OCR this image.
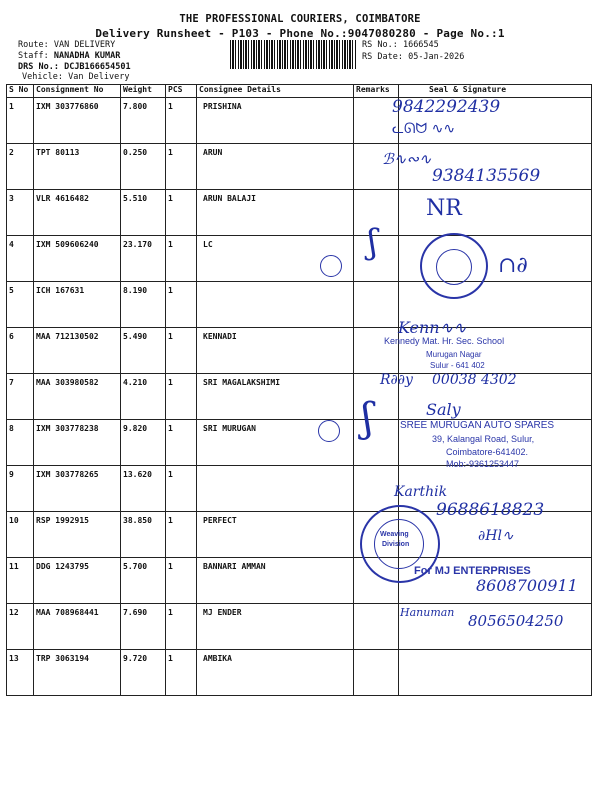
THE PROFESSIONAL COURIERS, COIMBATORE
Delivery Runsheet - P103 - Phone No.:9047080280 - Page No.:1
Route: VAN DELIVERY
Staff: NANADHA KUMAR
DRS No.: DCJB166654501
Vehicle: Van Delivery
RS No.: 1666545
RS Date: 05-Jan-2026
S No	Consignment No	Weight	PCS	Consignee Details	Remarks	Seal & Signature
1	IXM 303776860	7.800	1	PRISHINA		
2	TPT 80113	0.250	1	ARUN		
3	VLR 4616482	5.510	1	ARUN BALAJI		
4	IXM 509606240	23.170	1	LC		
5	ICH 167631	8.190	1			
6	MAA 712130502	5.490	1	KENNADI		
7	MAA 303980582	4.210	1	SRI MAGALAKSHIMI		
8	IXM 303778238	9.820	1	SRI MURUGAN		
9	IXM 303778265	13.620	1			
10	RSP 1992915	38.850	1	PERFECT		
11	DDG 1243795	5.700	1	BANNARI AMMAN		
12	MAA 708968441	7.690	1	MJ ENDER		
13	TRP 3063194	9.720	1	AMBIKA		
9842292439
ᓚᘏᗢ ∿∿
ℬ∿∾∿
9384135569
NR
ʃ
∩∂
Kennedy Mat. Hr. Sec. School
Murugan Nagar
Sulur - 641 402
Kenn∿∿
R∂∂y 00038 4302
ʃ	Saly
SREE MURUGAN AUTO SPARES
39, Kalangal Road, Sulur,
Coimbatore-641402.
Mob:-9361253447
Karthik
9688618823
Weaving
Division
∂Hl∿
For MJ ENTERPRISES
8608700911
Hanuman 8056504250
